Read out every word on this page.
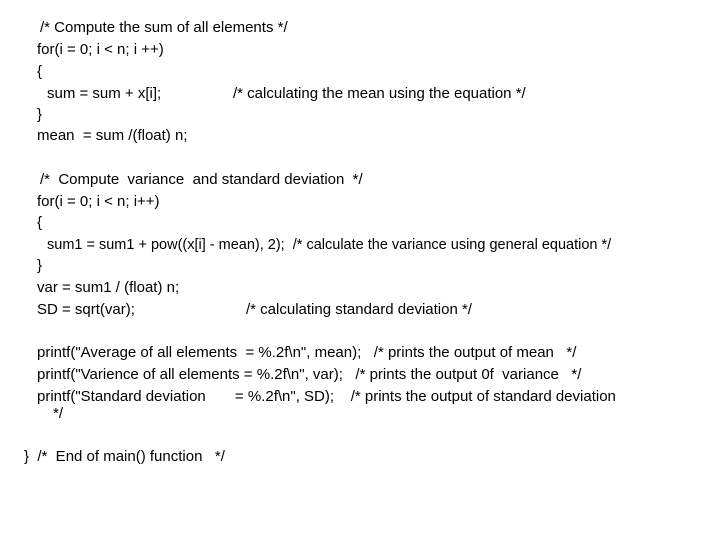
/* Compute the sum of all elements */
for(i = 0; i < n; i ++)
{
sum = sum + x[i];	/* calculating the mean using the equation */
}
mean  = sum /(float) n;
/*  Compute  variance  and standard deviation  */
for(i = 0; i < n; i++)
{
sum1 = sum1 + pow((x[i] - mean), 2);  /* calculate the variance using general equation */
}
var = sum1 / (float) n;
SD = sqrt(var);	/* calculating standard deviation */
printf("Average of all elements  = %.2f\n", mean);   /* prints the output of mean   */
printf("Varience of all elements = %.2f\n", var);   /* prints the output 0f  variance   */
printf("Standard deviation       = %.2f\n", SD);    /* prints the output of standard deviation
*/
}  /*  End of main() function   */
